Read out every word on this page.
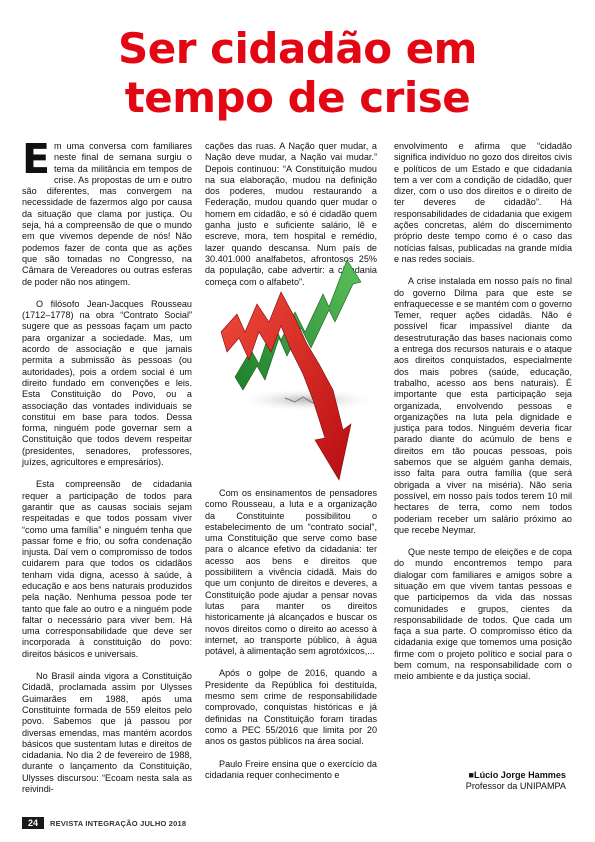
Ser cidadão em
tempo de crise

Em uma conversa com familiares neste final de semana surgiu o tema da militância em tempos de crise. As propostas de um e outro são diferentes, mas convergem na necessidade de fazermos algo por causa da situação que clama por justiça. Ou seja, há a compreensão de que o mundo em que vivemos depende de nós! Não podemos fazer de conta que as ações que são tomadas no Congresso, na Câmara de Vereadores ou outras esferas de poder não nos atingem.

O filósofo Jean-Jacques Rousseau (1712–1778) na obra “Contrato Social” sugere que as pessoas façam um pacto para organizar a sociedade. Mas, um acordo de associação e que jamais permita a submissão às pessoas (ou autoridades), pois a ordem social é um direito fundado em convenções e leis. Esta Constituição do Povo, ou a associação das vontades individuais se constitui em base para todos. Dessa forma, ninguém pode governar sem a Constituição que todos devem respeitar (presidentes, senadores, professores, juízes, agricultores e empresários).

Esta compreensão de cidadania requer a participação de todos para garantir que as causas sociais sejam respeitadas e que todos possam viver “como uma família” e ninguém tenha que passar fome e frio, ou sofra condenação injusta. Daí vem o compromisso de todos cuidarem para que todos os cidadãos tenham vida digna, acesso à saúde, à educação e aos bens naturais produzidos pela nação. Nenhuma pessoa pode ter tanto que fale ao outro e a ninguém pode faltar o necessário para viver bem. Há uma corresponsabilidade que deve ser incorporada à constituição do povo: direitos básicos e universais.

No Brasil ainda vigora a Constituição Cidadã, proclamada assim por Ulysses Guimarães em 1988, após uma Constituinte formada de 559 eleitos pelo povo. Sabemos que já passou por diversas emendas, mas mantém acordos básicos que sustentam lutas e direitos de cidadania. No dia 2 de fevereiro de 1988, durante o lançamento da Constituição, Ulysses discursou: “Ecoam nesta sala as reivindi-

cações das ruas. A Nação quer mudar, a Nação deve mudar, a Nação vai mudar.” Depois continuou: “A Constituição mudou na sua elaboração, mudou na definição dos poderes, mudou restaurando a Federação, mudou quando quer mudar o homem em cidadão, e só é cidadão quem ganha justo e suficiente salário, lê e escreve, mora, tem hospital e remédio, lazer quando descansa. Num país de 30.401.000 analfabetos, afrontosos 25% da população, cabe advertir: a cidadania começa com o alfabeto”.

Com os ensinamentos de pensadores como Rousseau, a luta e a organização da Constituinte possibilitou o estabelecimento de um “contrato social”, uma Constituição que serve como base para o alcance efetivo da cidadania: ter acesso aos bens e direitos que possibilitem a vivência cidadã. Mais do que um conjunto de direitos e deveres, a Constituição pode ajudar a pensar novas lutas para manter os direitos historicamente já alcançados e buscar os novos direitos como o direito ao acesso à internet, ao transporte público, à água potável, à alimentação sem agrotóxicos,...

Após o golpe de 2016, quando a Presidente da República foi destituída, mesmo sem crime de responsabilidade comprovado, conquistas históricas e já definidas na Constituição foram tiradas como a PEC 55/2016 que limita por 20 anos os gastos públicos na área social.

Paulo Freire ensina que o exercício da cidadania requer conhecimento e

envolvimento e afirma que “cidadão significa indivíduo no gozo dos direitos civis e políticos de um Estado e que cidadania tem a ver com a condição de cidadão, quer dizer, com o uso dos direitos e o direito de ter deveres de cidadão”. Há responsabilidades de cidadania que exigem ações concretas, além do discernimento próprio deste tempo como é o caso das notícias falsas, publicadas na grande mídia e nas redes sociais.

A crise instalada em nosso país no final do governo Dilma para que este se enfraquecesse e se mantém com o governo Temer, requer ações cidadãs. Não é possível ficar impassível diante da desestruturação das bases nacionais como a entrega dos recursos naturais e o ataque aos direitos conquistados, especialmente dos mais pobres (saúde, educação, trabalho, acesso aos bens naturais). É importante que esta participação seja organizada, envolvendo pessoas e organizações na luta pela dignidade e justiça para todos. Ninguém deveria ficar parado diante do acúmulo de bens e direitos em tão poucas pessoas, pois sabemos que se alguém ganha demais, isso falta para outra família (que será obrigada a viver na miséria). Não seria possível, em nosso país todos terem 10 mil hectares de terra, como nem todos poderiam receber um salário próximo ao que recebe Neymar.

Que neste tempo de eleições e de copa do mundo encontremos tempo para dialogar com familiares e amigos sobre a situação em que vivem tantas pessoas e que participemos da vida das nossas comunidades e grupos, cientes da responsabilidade de todos. Que cada um faça a sua parte. O compromisso ético da cidadania exige que tomemos uma posição firme com o projeto político e social para o bem comum, na responsabilidade com o meio ambiente e da justiça social.

■Lúcio Jorge Hammes
Professor da UNIPAMPA
24	REVISTA INTEGRAÇÃO JULHO 2018
